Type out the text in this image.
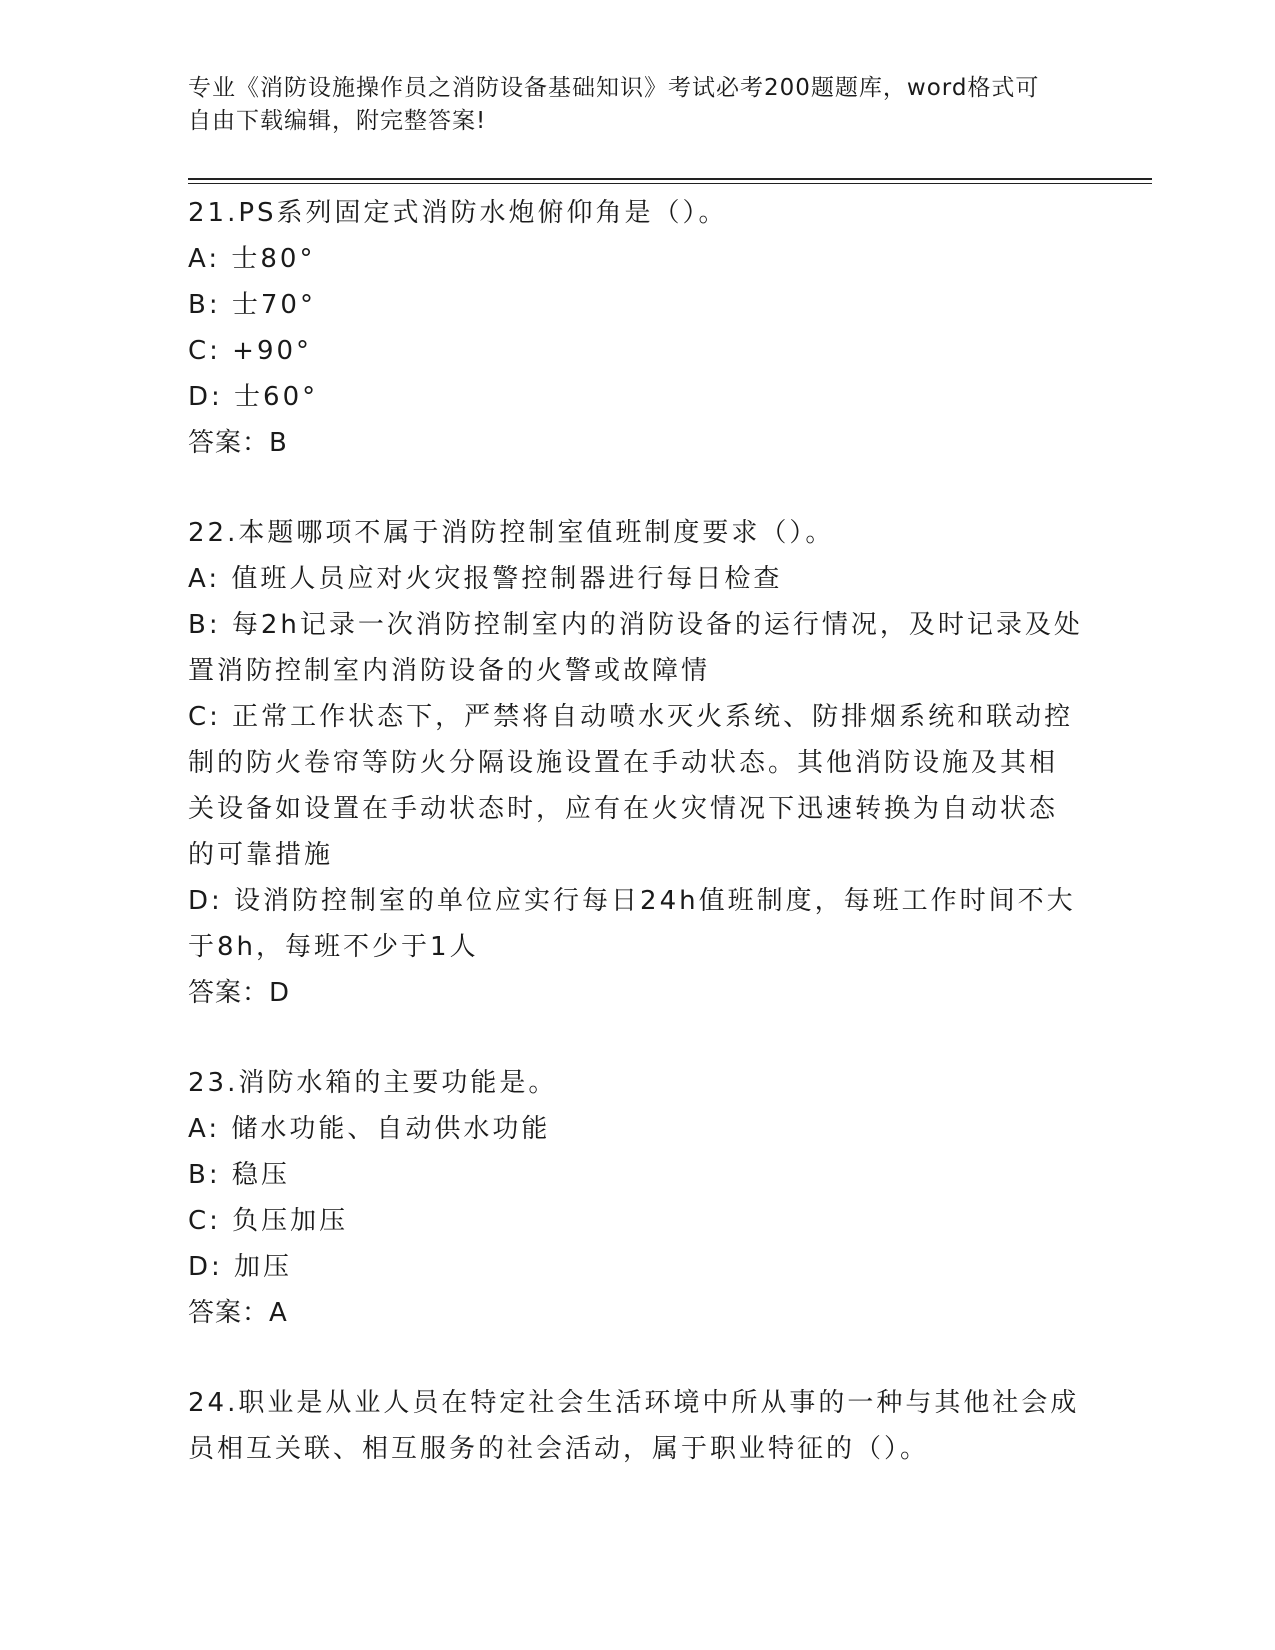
专业《消防设施操作员之消防设备基础知识》考试必考200题题库，word格式可
自由下载编辑，附完整答案!

21.PS系列固定式消防水炮俯仰角是（）。

A: 士80°

B: 士70°

C: +90°

D: 士60°

答案：B

22.本题哪项不属于消防控制室值班制度要求（）。

A: 值班人员应对火灾报警控制器进行每日检查

B: 每2h记录一次消防控制室内的消防设备的运行情况，及时记录及处置消防控制室内消防设备的火警或故障情

C: 正常工作状态下，严禁将自动喷水灭火系统、防排烟系统和联动控制的防火卷帘等防火分隔设施设置在手动状态。其他消防设施及其相关设备如设置在手动状态时，应有在火灾情况下迅速转换为自动状态的可靠措施

D: 设消防控制室的单位应实行每日24h值班制度，每班工作时间不大于8h，每班不少于1人

答案：D

23.消防水箱的主要功能是。

A: 储水功能、自动供水功能

B: 稳压

C: 负压加压

D: 加压

答案：A

24.职业是从业人员在特定社会生活环境中所从事的一种与其他社会成员相互关联、相互服务的社会活动，属于职业特征的（）。
